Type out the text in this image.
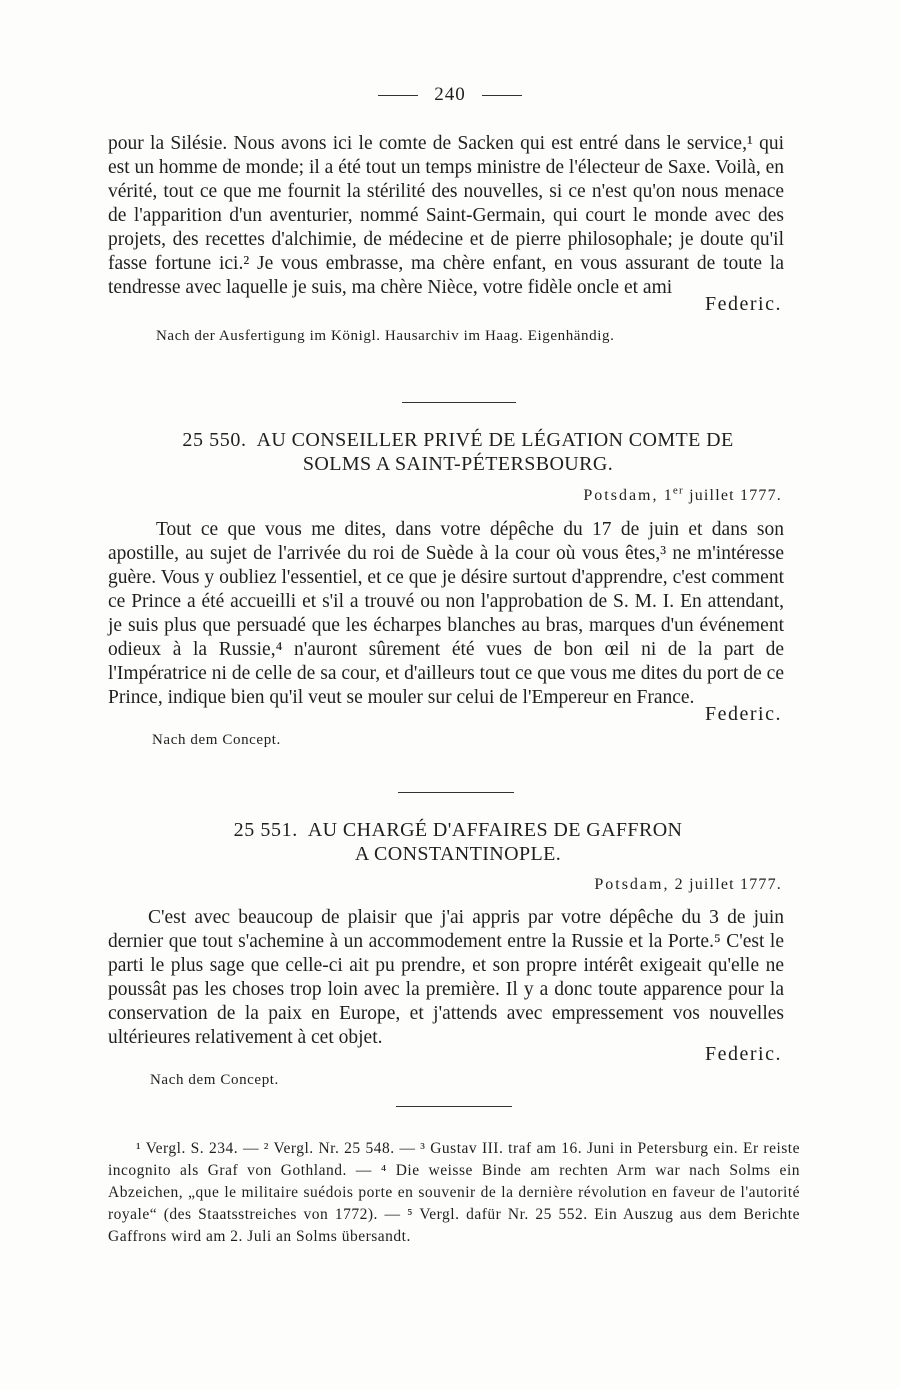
240

pour la Silésie. Nous avons ici le comte de Sacken qui est entré dans le service,¹ qui est un homme de monde; il a été tout un temps ministre de l'électeur de Saxe. Voilà, en vérité, tout ce que me fournit la stérilité des nouvelles, si ce n'est qu'on nous menace de l'apparition d'un aventurier, nommé Saint-Germain, qui court le monde avec des projets, des recettes d'alchimie, de médecine et de pierre philosophale; je doute qu'il fasse fortune ici.² Je vous embrasse, ma chère enfant, en vous assurant de toute la tendresse avec laquelle je suis, ma chère Nièce, votre fidèle oncle et ami

Federic.
Nach der Ausfertigung im Königl. Hausarchiv im Haag. Eigenhändig.
25 550. AU CONSEILLER PRIVÉ DE LÉGATION COMTE DE
SOLMS A SAINT-PÉTERSBOURG.
Potsdam, 1er juillet 1777.

Tout ce que vous me dites, dans votre dépêche du 17 de juin et dans son apostille, au sujet de l'arrivée du roi de Suède à la cour où vous êtes,³ ne m'intéresse guère. Vous y oubliez l'essentiel, et ce que je désire surtout d'apprendre, c'est comment ce Prince a été accueilli et s'il a trouvé ou non l'approbation de S. M. I. En attendant, je suis plus que persuadé que les écharpes blanches au bras, marques d'un événement odieux à la Russie,⁴ n'auront sûrement été vues de bon œil ni de la part de l'Impératrice ni de celle de sa cour, et d'ailleurs tout ce que vous me dites du port de ce Prince, indique bien qu'il veut se mouler sur celui de l'Empereur en France.

Federic.
Nach dem Concept.
25 551. AU CHARGÉ D'AFFAIRES DE GAFFRON
A CONSTANTINOPLE.
Potsdam, 2 juillet 1777.

C'est avec beaucoup de plaisir que j'ai appris par votre dépêche du 3 de juin dernier que tout s'achemine à un accommodement entre la Russie et la Porte.⁵ C'est le parti le plus sage que celle-ci ait pu prendre, et son propre intérêt exigeait qu'elle ne poussât pas les choses trop loin avec la première. Il y a donc toute apparence pour la conservation de la paix en Europe, et j'attends avec empressement vos nouvelles ultérieures relativement à cet objet.

Federic.
Nach dem Concept.

¹ Vergl. S. 234. — ² Vergl. Nr. 25 548. — ³ Gustav III. traf am 16. Juni in Petersburg ein. Er reiste incognito als Graf von Gothland. — ⁴ Die weisse Binde am rechten Arm war nach Solms ein Abzeichen, „que le militaire suédois porte en souvenir de la dernière révolution en faveur de l'autorité royale“ (des Staatsstreiches von 1772). — ⁵ Vergl. dafür Nr. 25 552. Ein Auszug aus dem Berichte Gaffrons wird am 2. Juli an Solms übersandt.
